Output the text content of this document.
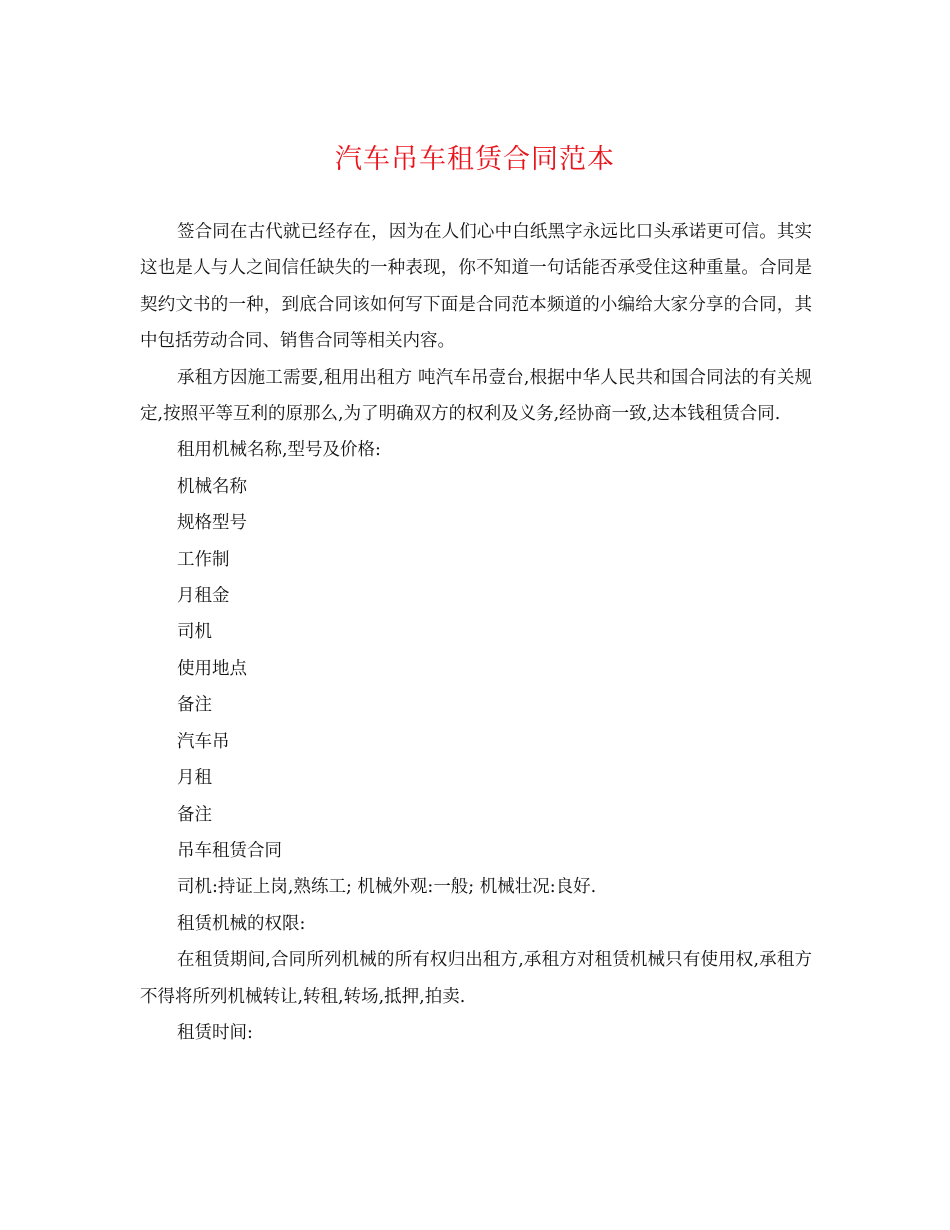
汽车吊车租赁合同范本

签合同在古代就已经存在，因为在人们心中白纸黑字永远比口头承诺更可信。其实这也是人与人之间信任缺失的一种表现，你不知道一句话能否承受住这种重量。合同是契约文书的一种，到底合同该如何写下面是合同范本频道的小编给大家分享的合同，其中包括劳动合同、销售合同等相关内容。

承租方因施工需要,租用出租方 吨汽车吊壹台,根据中华人民共和国合同法的有关规定,按照平等互利的原那么,为了明确双方的权利及义务,经协商一致,达本钱租赁合同.

租用机械名称,型号及价格:

机械名称

规格型号

工作制

月租金

司机

使用地点

备注

汽车吊

月租

备注

吊车租赁合同

司机:持证上岗,熟练工; 机械外观:一般; 机械壮况:良好.

租赁机械的权限:

在租赁期间,合同所列机械的所有权归出租方,承租方对租赁机械只有使用权,承租方不得将所列机械转让,转租,转场,抵押,拍卖.

租赁时间:
